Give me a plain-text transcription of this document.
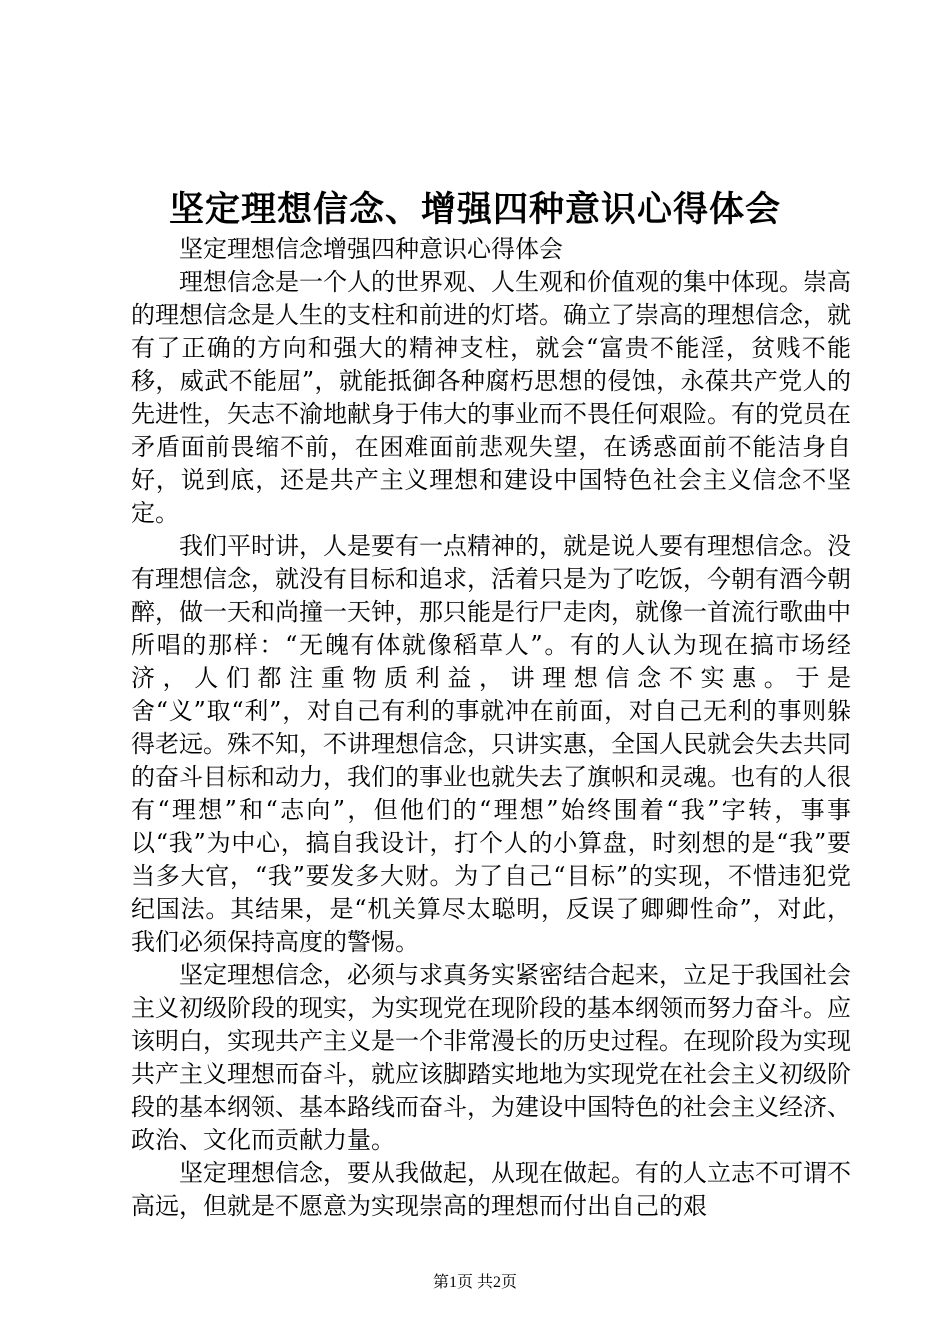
坚定理想信念、增强四种意识心得体会

坚定理想信念增强四种意识心得体会

理想信念是一个人的世界观、人生观和价值观的集中体现。崇高的理想信念是人生的支柱和前进的灯塔。确立了崇高的理想信念，就有了正确的方向和强大的精神支柱，就会“富贵不能淫，贫贱不能移，威武不能屈”，就能抵御各种腐朽思想的侵蚀，永葆共产党人的先进性，矢志不渝地献身于伟大的事业而不畏任何艰险。有的党员在矛盾面前畏缩不前，在困难面前悲观失望，在诱惑面前不能洁身自好，说到底，还是共产主义理想和建设中国特色社会主义信念不坚定。

我们平时讲，人是要有一点精神的，就是说人要有理想信念。没有理想信念，就没有目标和追求，活着只是为了吃饭，今朝有酒今朝醉，做一天和尚撞一天钟，那只能是行尸走肉，就像一首流行歌曲中所唱的那样：“无魄有体就像稻草人”。有的人认为现在搞市场经济，人们都注重物质利益，讲理想信念不实惠。于是舍“义”取“利”，对自己有利的事就冲在前面，对自己无利的事则躲得老远。殊不知，不讲理想信念，只讲实惠，全国人民就会失去共同的奋斗目标和动力，我们的事业也就失去了旗帜和灵魂。也有的人很有“理想”和“志向”，但他们的“理想”始终围着“我”字转，事事以“我”为中心，搞自我设计，打个人的小算盘，时刻想的是“我”要当多大官，“我”要发多大财。为了自己“目标”的实现，不惜违犯党纪国法。其结果，是“机关算尽太聪明，反误了卿卿性命”，对此，我们必须保持高度的警惕。

坚定理想信念，必须与求真务实紧密结合起来，立足于我国社会主义初级阶段的现实，为实现党在现阶段的基本纲领而努力奋斗。应该明白，实现共产主义是一个非常漫长的历史过程。在现阶段为实现共产主义理想而奋斗，就应该脚踏实地地为实现党在社会主义初级阶段的基本纲领、基本路线而奋斗，为建设中国特色的社会主义经济、政治、文化而贡献力量。

坚定理想信念，要从我做起，从现在做起。有的人立志不可谓不高远，但就是不愿意为实现崇高的理想而付出自己的艰

第1页 共2页
